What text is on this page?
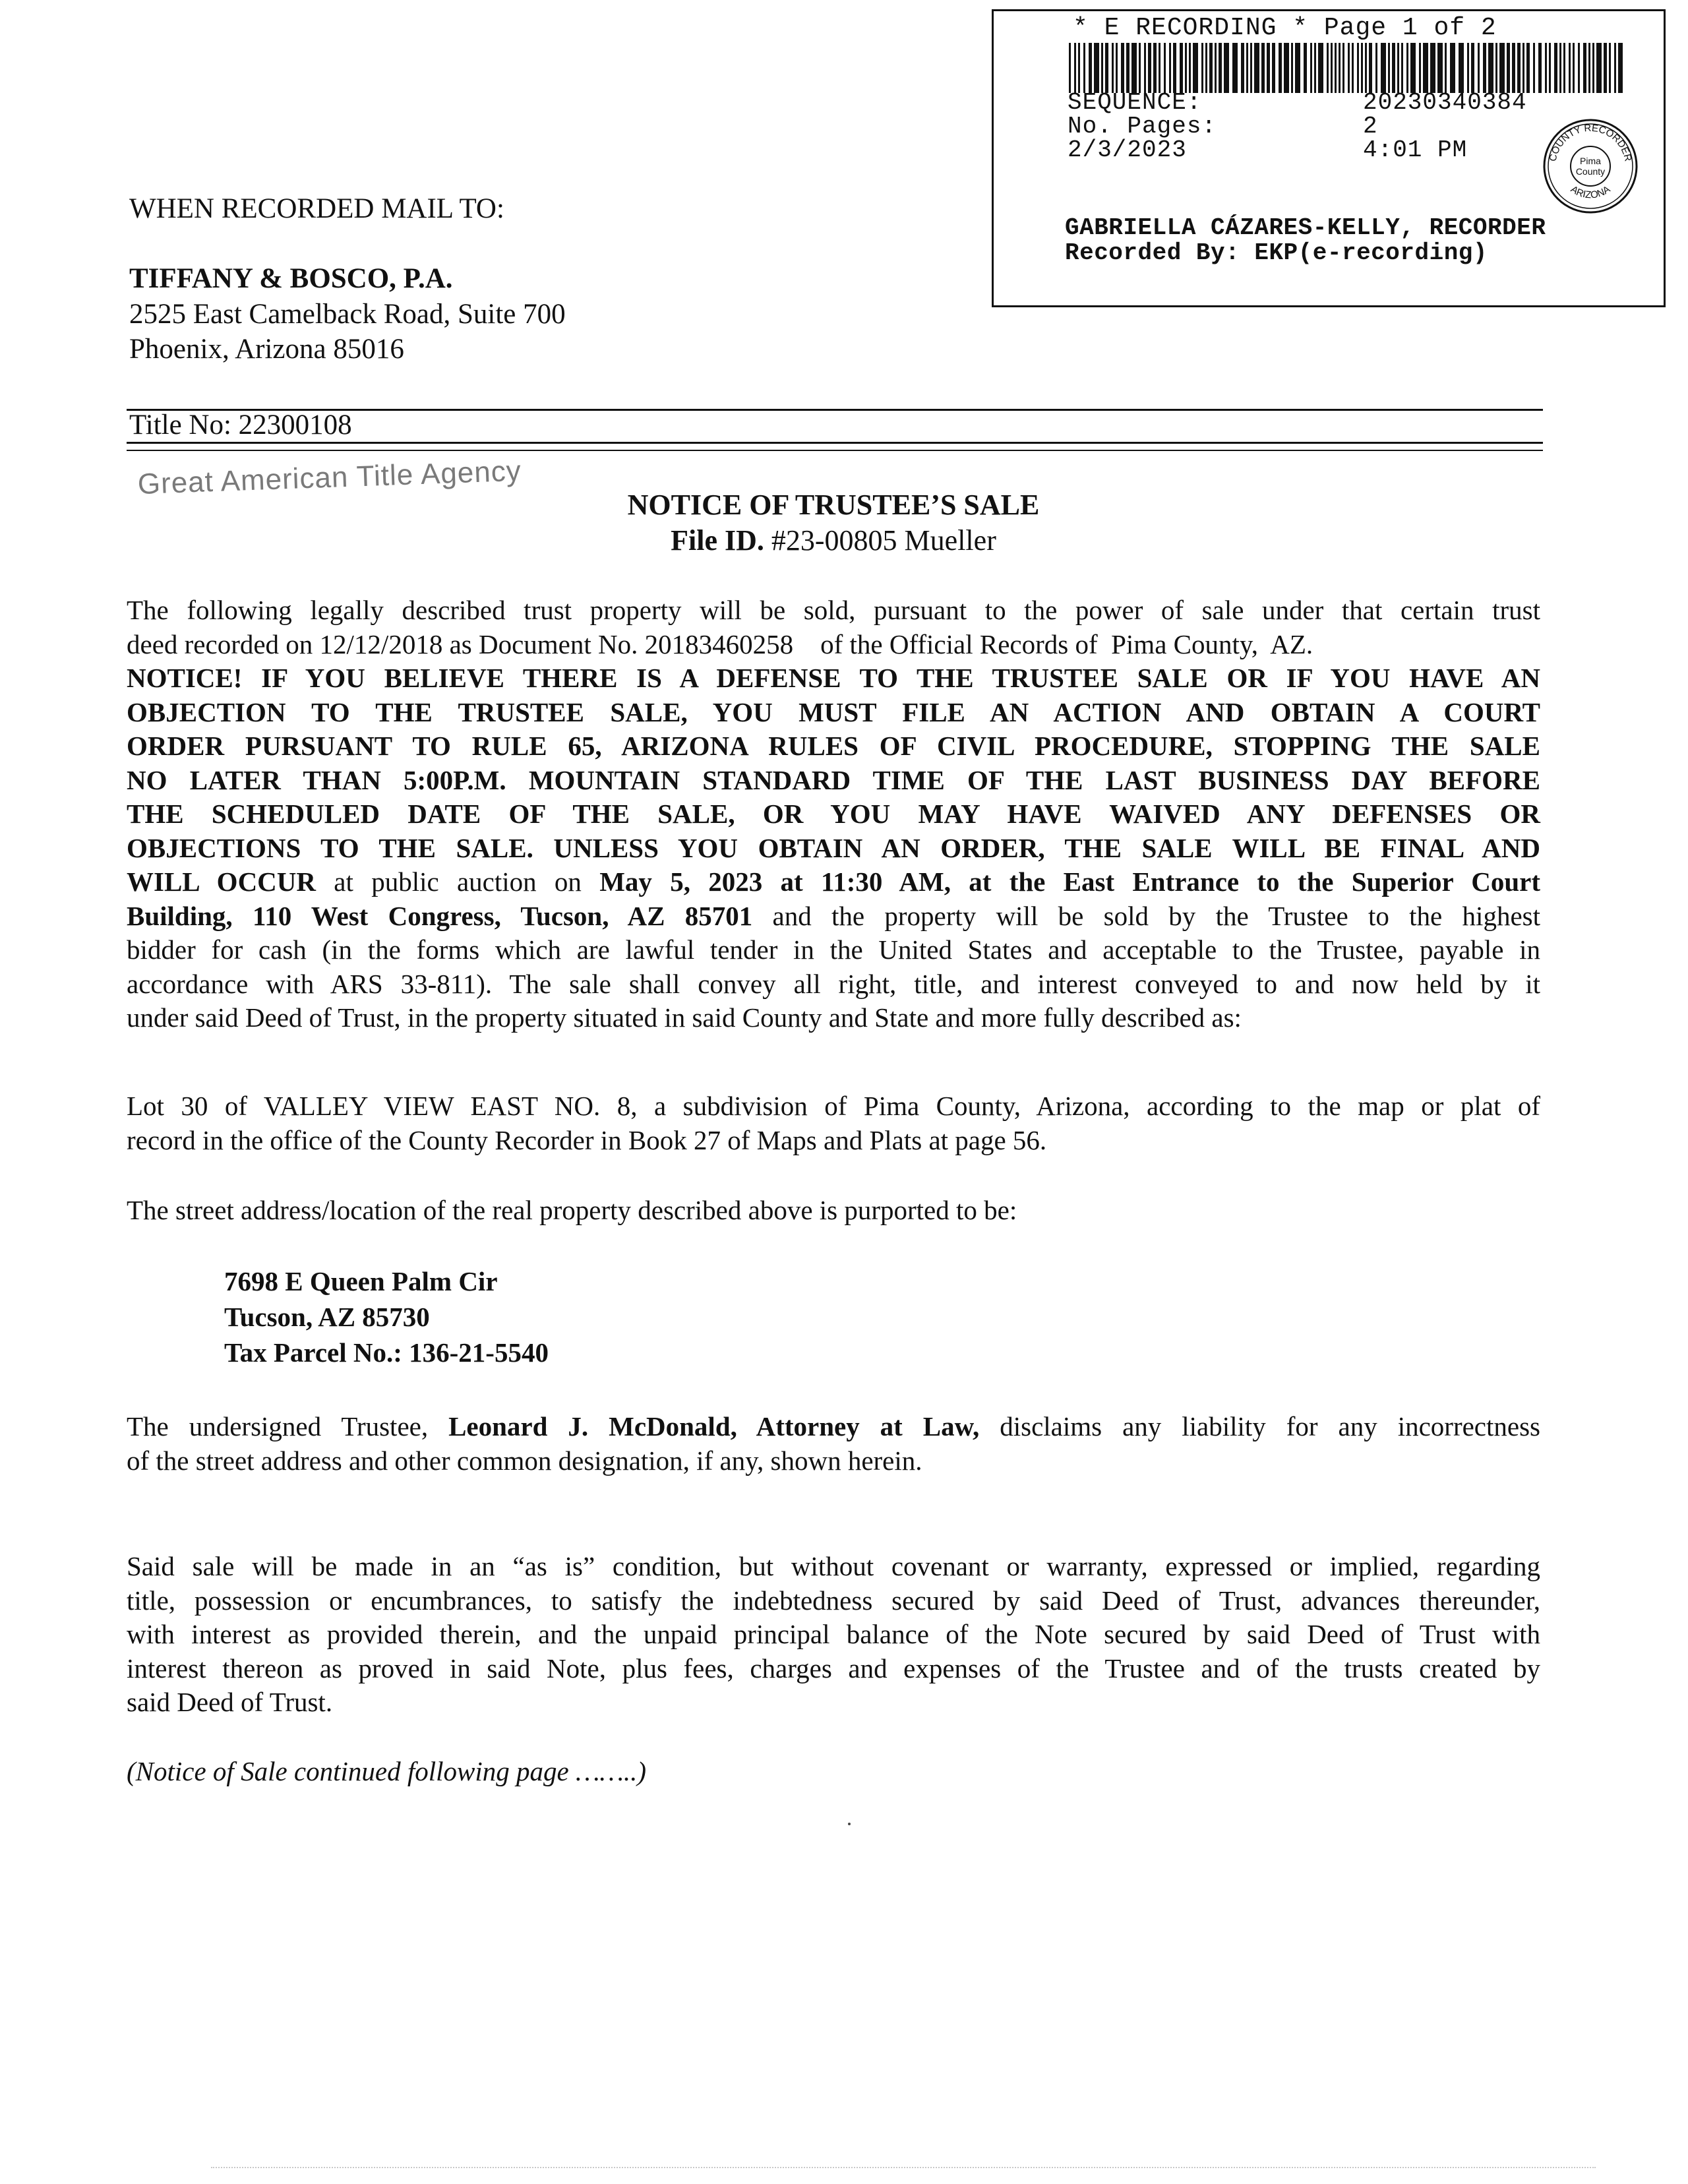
* E RECORDING * Page 1 of 2
SEQUENCE:	20230340384
No. Pages:	2
2/3/2023	4:01 PM	COUNTY RECORDER
ARIZONA
Pima
County
GABRIELLA CÁZARES-KELLY, RECORDER
Recorded By: EKP(e-recording)
WHEN RECORDED MAIL TO:
TIFFANY & BOSCO, P.A.
2525 East Camelback Road, Suite 700
Phoenix, Arizona 85016
Title No: 22300108
Great American Title Agency
NOTICE OF TRUSTEE’S SALE
File ID. #23-00805 Mueller
The following legally described trust property will be sold, pursuant to the power of sale under that certain trust
deed recorded on 12/12/2018 as Document No. 20183460258    of the Official Records of  Pima County,  AZ.
NOTICE! IF YOU BELIEVE THERE IS A DEFENSE TO THE TRUSTEE SALE OR IF YOU HAVE AN
OBJECTION TO THE TRUSTEE SALE, YOU MUST FILE AN ACTION AND OBTAIN A COURT
ORDER PURSUANT TO RULE 65, ARIZONA RULES OF CIVIL PROCEDURE, STOPPING THE SALE
NO LATER THAN 5:00P.M. MOUNTAIN STANDARD TIME OF THE LAST BUSINESS DAY BEFORE
THE SCHEDULED DATE OF THE SALE, OR YOU MAY HAVE WAIVED ANY DEFENSES OR
OBJECTIONS TO THE SALE. UNLESS YOU OBTAIN AN ORDER, THE SALE WILL BE FINAL AND
WILL OCCUR at public auction on May 5, 2023 at 11:30 AM, at the East Entrance to the Superior Court
Building, 110 West Congress, Tucson, AZ 85701 and the property will be sold by the Trustee to the highest
bidder for cash (in the forms which are lawful tender in the United States and acceptable to the Trustee, payable in
accordance with ARS 33-811). The sale shall convey all right, title, and interest conveyed to and now held by it
under said Deed of Trust, in the property situated in said County and State and more fully described as:
Lot 30 of VALLEY VIEW EAST NO. 8, a subdivision of Pima County, Arizona, according to the map or plat of
record in the office of the County Recorder in Book 27 of Maps and Plats at page 56.
The street address/location of the real property described above is purported to be:
7698 E Queen Palm Cir
Tucson, AZ 85730
Tax Parcel No.: 136-21-5540
The undersigned Trustee, Leonard J. McDonald, Attorney at Law, disclaims any liability for any incorrectness
of the street address and other common designation, if any, shown herein.
Said sale will be made in an “as is” condition, but without covenant or warranty, expressed or implied, regarding
title, possession or encumbrances, to satisfy the indebtedness secured by said Deed of Trust, advances thereunder,
with interest as provided therein, and the unpaid principal balance of the Note secured by said Deed of Trust with
interest thereon as proved in said Note, plus fees, charges and expenses of the Trustee and of the trusts created by
said Deed of Trust.
(Notice of Sale continued following page ……..)
